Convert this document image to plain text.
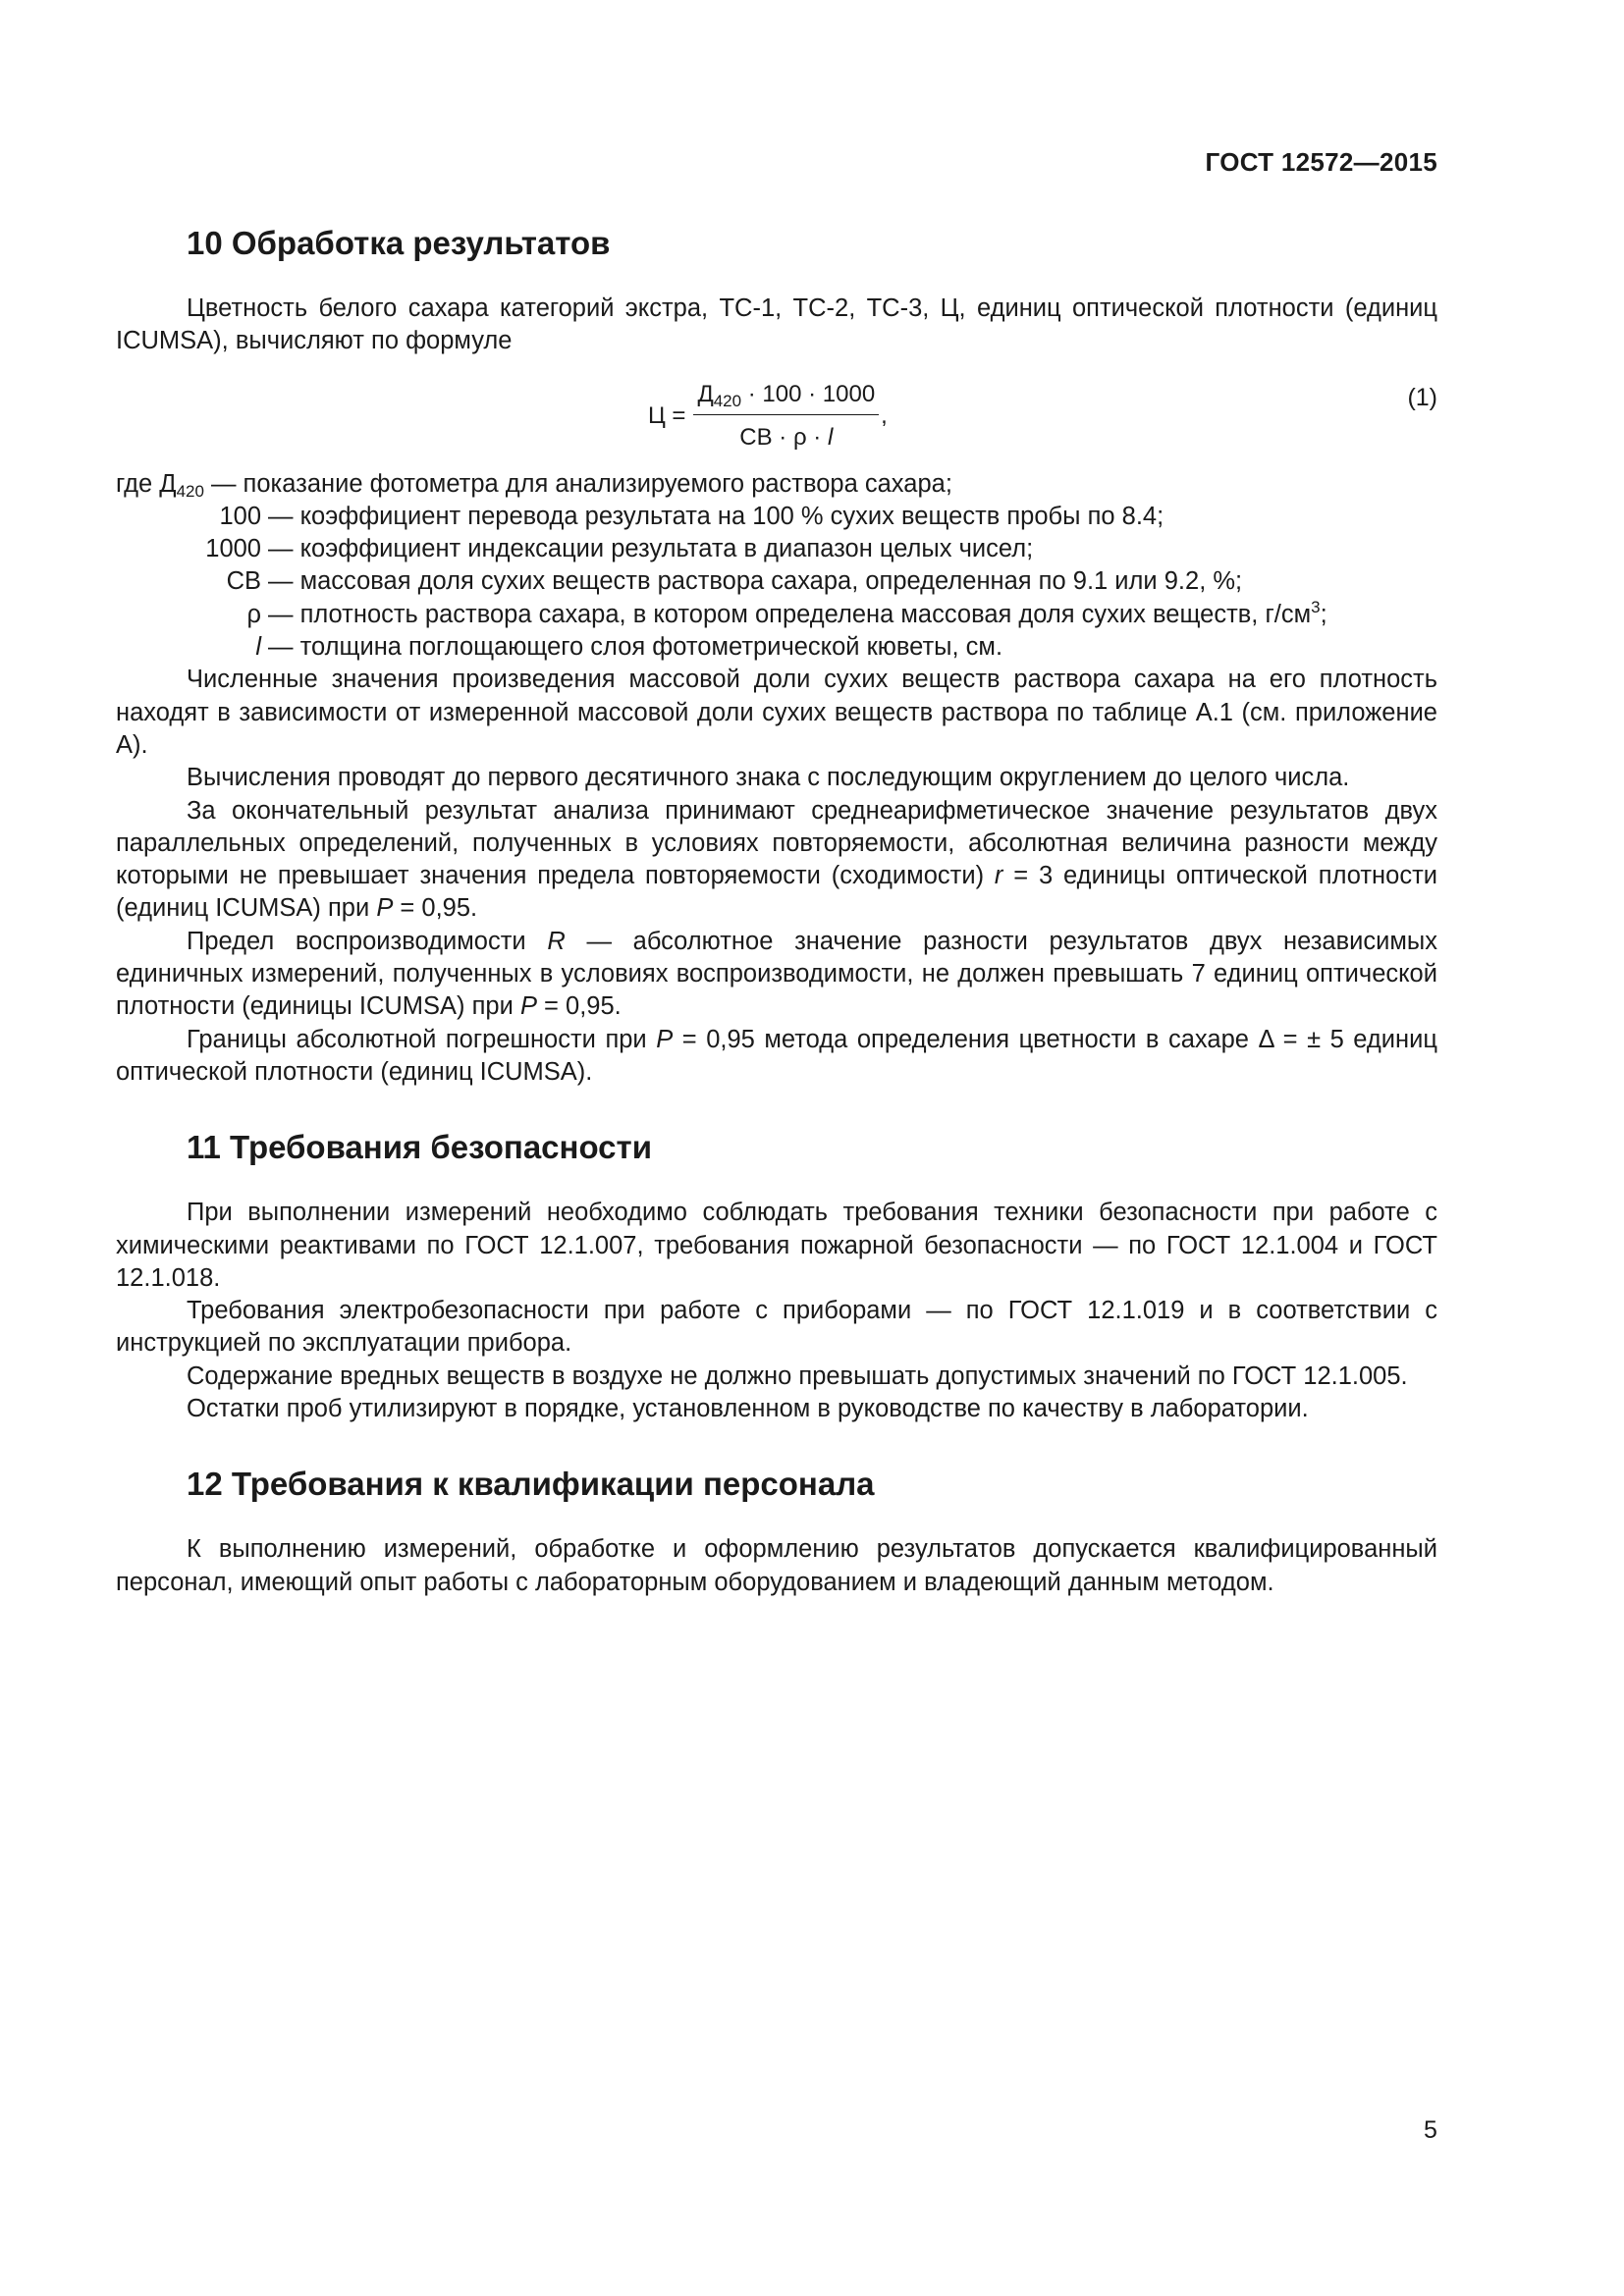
ГОСТ 12572—2015
10 Обработка результатов

Цветность белого сахара категорий экстра, ТС-1, ТС-2, ТС-3, Ц, единиц оптической плотности (единиц ICUMSA), вычисляют по формуле

$Ц = \frac{Д_{420} \cdot 100 \cdot 1000}{СВ \cdot \rho \cdot l}$ ,
(1)
где $Д_{420}$ — показание фотометра для анализируемого раствора сахара;
100 — коэффициент перевода результата на 100 % сухих веществ пробы по 8.4;
1000 — коэффициент индексации результата в диапазон целых чисел;
СВ — массовая доля сухих веществ раствора сахара, определенная по 9.1 или 9.2, %;
ρ — плотность раствора сахара, в котором определена массовая доля сухих веществ, $г/см^3$;
l — толщина поглощающего слоя фотометрической кюветы, см.

Численные значения произведения массовой доли сухих веществ раствора сахара на его плотность находят в зависимости от измеренной массовой доли сухих веществ раствора по таблице А.1 (см. приложение А).

Вычисления проводят до первого десятичного знака с последующим округлением до целого числа.

За окончательный результат анализа принимают среднеарифметическое значение результатов двух параллельных определений, полученных в условиях повторяемости, абсолютная величина разности между которыми не превышает значения предела повторяемости (сходимости) r = 3 единицы оптической плотности (единиц ICUMSA) при P = 0,95.

Предел воспроизводимости R — абсолютное значение разности результатов двух независимых единичных измерений, полученных в условиях воспроизводимости, не должен превышать 7 единиц оптической плотности (единицы ICUMSA) при P = 0,95.

Границы абсолютной погрешности при P = 0,95 метода определения цветности в сахаре Δ = ± 5 единиц оптической плотности (единиц ICUMSA).

11 Требования безопасности

При выполнении измерений необходимо соблюдать требования техники безопасности при работе с химическими реактивами по ГОСТ 12.1.007, требования пожарной безопасности — по ГОСТ 12.1.004 и ГОСТ 12.1.018.

Требования электробезопасности при работе с приборами — по ГОСТ 12.1.019 и в соответствии с инструкцией по эксплуатации прибора.

Содержание вредных веществ в воздухе не должно превышать допустимых значений по ГОСТ 12.1.005.

Остатки проб утилизируют в порядке, установленном в руководстве по качеству в лаборатории.

12 Требования к квалификации персонала

К выполнению измерений, обработке и оформлению результатов допускается квалифицированный персонал, имеющий опыт работы с лабораторным оборудованием и владеющий данным методом.

5
